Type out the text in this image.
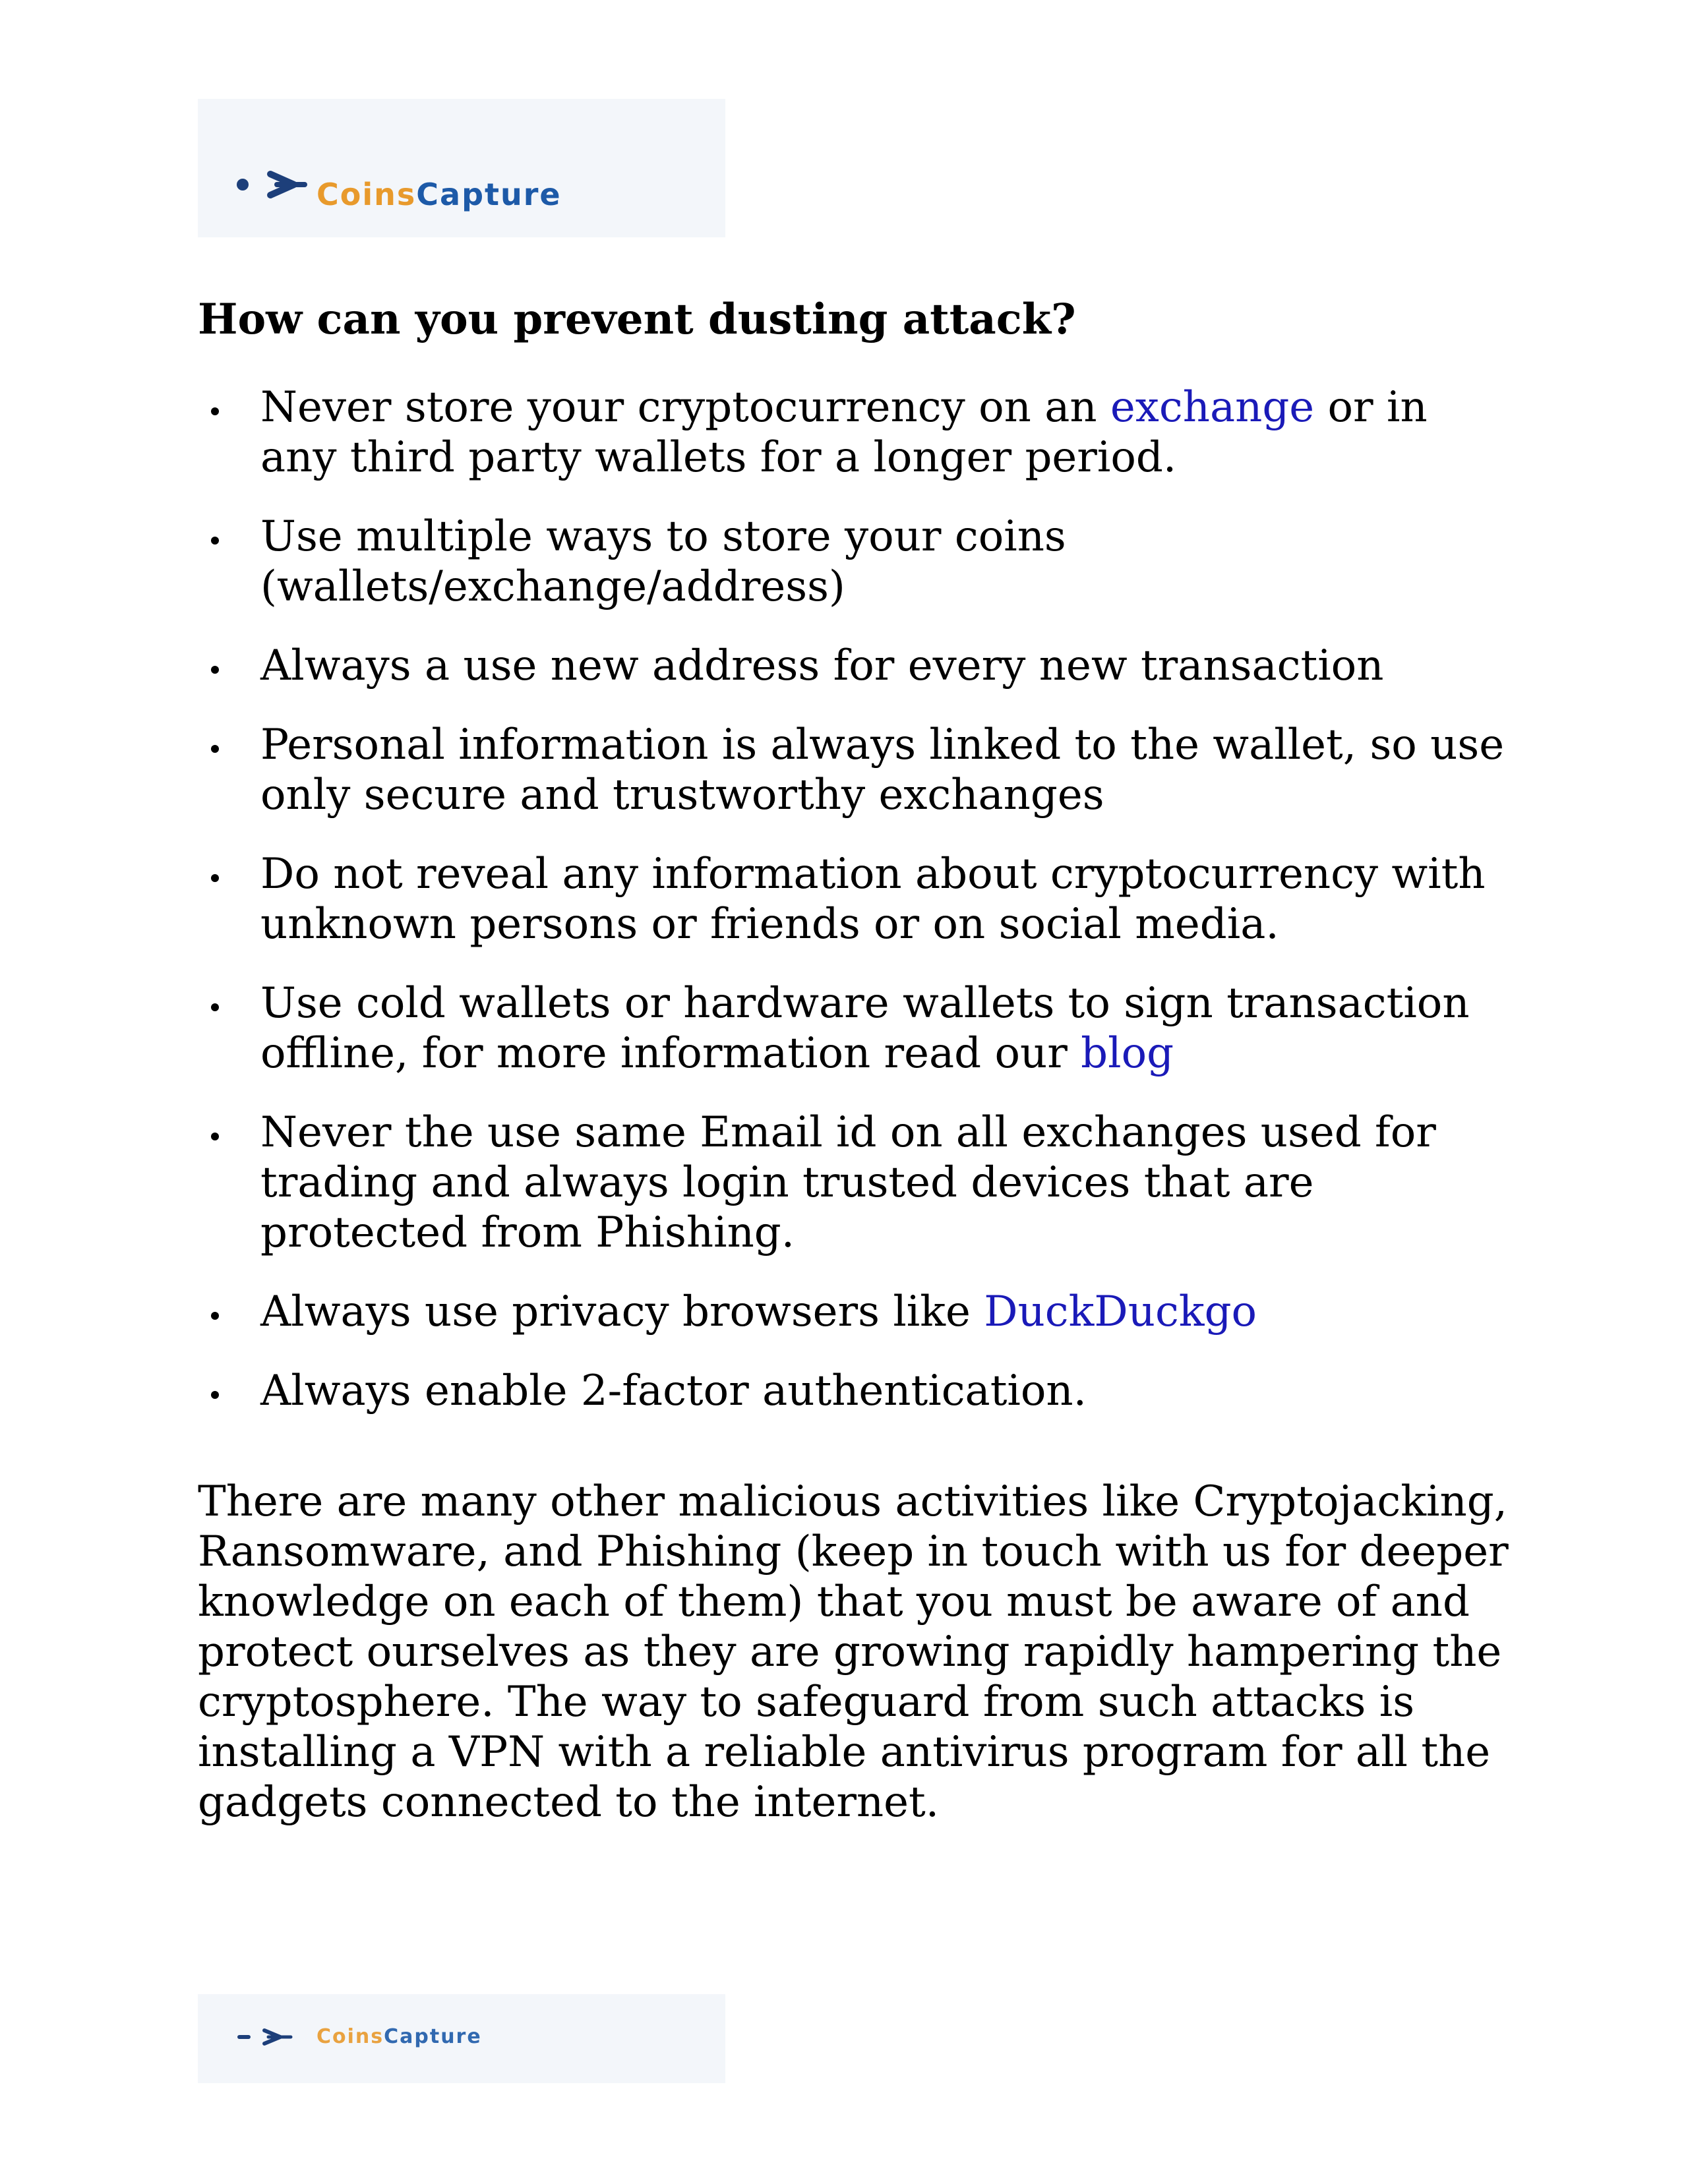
CoinsCapture
How can you prevent dusting attack?
Never store your cryptocurrency on an exchange or in any third party wallets for a longer period.
Use multiple ways to store your coins (wallets/exchange/address)
Always a use new address for every new transaction
Personal information is always linked to the wallet, so use only secure and trustworthy exchanges
Do not reveal any information about cryptocurrency with unknown persons or friends or on social media.
Use cold wallets or hardware wallets to sign transaction offline, for more information read our blog
Never the use same Email id on all exchanges used for trading and always login trusted devices that are protected from Phishing.
Always use privacy browsers like DuckDuckgo
Always enable 2-factor authentication.

There are many other malicious activities like Cryptojacking, Ransomware, and Phishing (keep in touch with us for deeper knowledge on each of them) that you must be aware of and protect ourselves as they are growing rapidly hampering the cryptosphere. The way to safeguard from such attacks is installing a VPN with a reliable antivirus program for all the gadgets connected to the internet.

CoinsCapture
